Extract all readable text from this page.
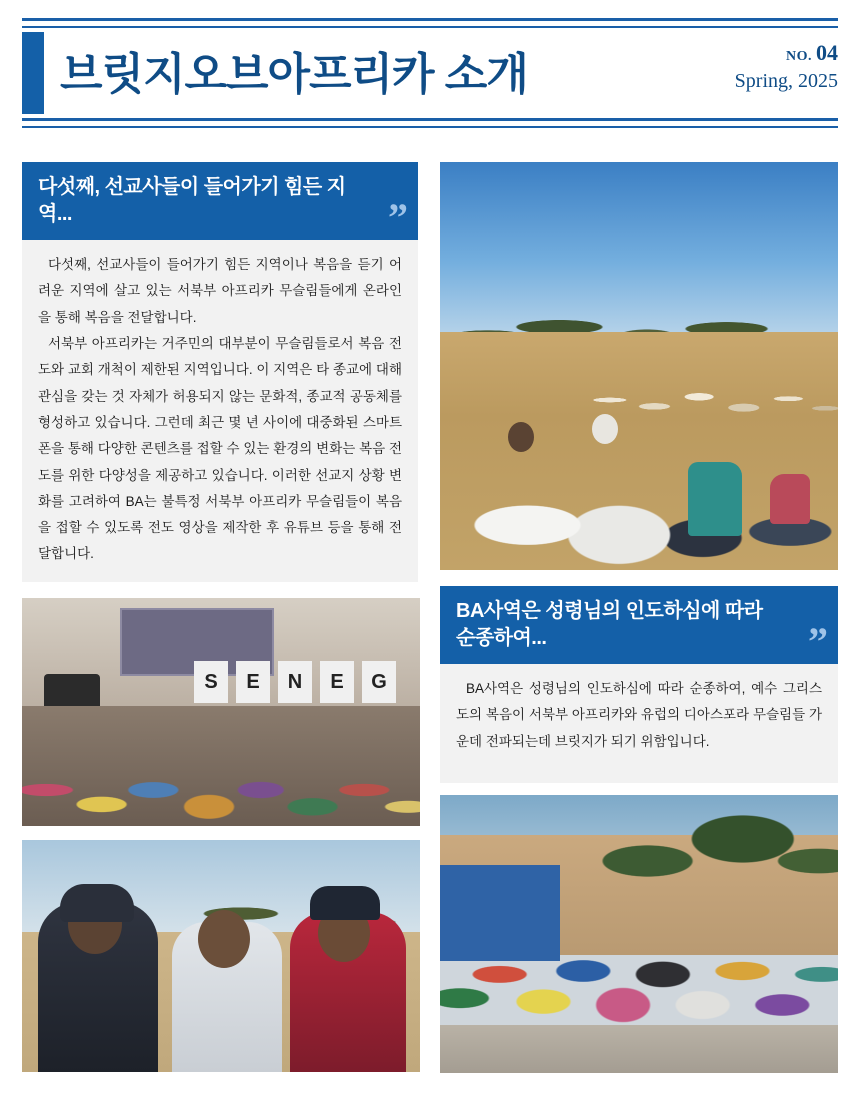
브릿지오브아프리카 소개	NO. 04
Spring, 2025
다섯째, 선교사들이 들어가기 힘든 지역...	”

다섯째, 선교사들이 들어가기 힘든 지역이나 복음을 듣기 어려운 지역에 살고 있는 서북부 아프리카 무슬림들에게 온라인을 통해 복음을 전달합니다.

서북부 아프리카는 거주민의 대부분이 무슬림들로서 복음 전도와 교회 개척이 제한된 지역입니다. 이 지역은 타 종교에 대해 관심을 갖는 것 자체가 허용되지 않는 문화적, 종교적 공동체를 형성하고 있습니다. 그런데 최근 몇 년 사이에 대중화된 스마트폰을 통해 다양한 콘텐츠를 접할 수 있는 환경의 변화는 복음 전도를 위한 다양성을 제공하고 있습니다. 이러한 선교지 상황 변화를 고려하여 BA는 불특정 서북부 아프리카 무슬림들이 복음을 접할 수 있도록 전도 영상을 제작한 후 유튜브 등을 통해 전달합니다.

S	E	N	E	G
BA사역은 성령님의 인도하심에 따라 순종하여...	”

BA사역은 성령님의 인도하심에 따라 순종하여, 예수 그리스도의 복음이 서북부 아프리카와 유럽의 디아스포라 무슬림들 가운데 전파되는데 브릿지가 되기 위함입니다.
